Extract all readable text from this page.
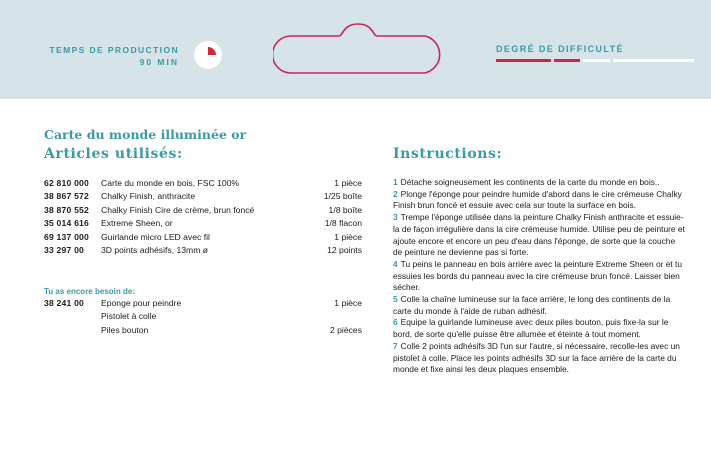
TEMPS DE PRODUCTION
90 MIN
DEGRÉ DE DIFFICULTÉ
Carte du monde illuminée or
Articles utilisés:	Instructions:
62 810 000 Carte du monde en bois, FSC 100%	1 pièce
38 867 572 Chalky Finish, anthracite	1/25 boîte
38 870 552 Chalky Finish Cire de crème, brun foncé	1/8 boîte
35 014 616 Extreme Sheen, or	1/8 flacon
69 137 000 Guirlande micro LED avec fil	1 pièce
33 297 00 3D points adhésifs, 13mm ø	12 points
Tu as encore besoin de:
38 241 00 Eponge pour peindre	1 pièce
Pistolet à colle
Piles bouton	2 pièces

1 Détache soigneusement les continents de la carte du monde en bois..

2 Plonge l'éponge pour peindre humide d'abord dans le cire crémeuse Chalky Finish brun foncé et essuie avec cela sur toute la surface en bois.

3 Trempe l'éponge utilisée dans la peinture Chalky Finish anthracite et essuie-la de façon irrégulière dans la cire crémeuse humide. Utilise peu de peinture et ajoute encore et encore un peu d'eau dans l'éponge, de sorte que la couche de peinture ne devienne pas si forte.

4 Tu peins le panneau en bois arrière avec la peinture Extreme Sheen or et tu essuies les bords du panneau avec la cire crémeuse brun foncé. Laisser bien sécher.

5 Colle la chaîne lumineuse sur la face arrière, le long des continents de la carte du monde à l'aide de ruban adhésif.

6 Equipe la guirlande lumineuse avec deux piles bouton, puis fixe-la sur le bord, de sorte qu'elle puisse être allumée et éteinte à tout moment.

7 Colle 2 points adhésifs 3D l'un sur l'autre, si nécessaire, recolle-les avec un pistolet à colle. Place les points adhésifs 3D sur la face arrière de la carte du monde et fixe ainsi les deux plaques ensemble.
